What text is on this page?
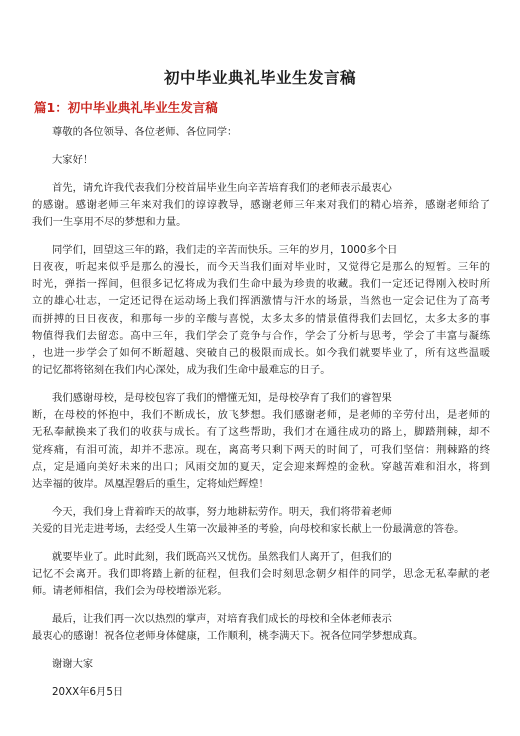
初中毕业典礼毕业生发言稿
篇1：初中毕业典礼毕业生发言稿
尊敬的各位领导、各位老师、各位同学：
大家好！
首先，请允许我代表我们分校首届毕业生向辛苦培育我们的老师表示最衷心
的感谢。感谢老师三年来对我们的谆谆教导，感谢老师三年来对我们的精心培养，感谢老师给了
我们一生享用不尽的梦想和力量。
同学们，回望这三年的路，我们走的辛苦而快乐。三年的岁月，1000多个日
日夜夜，听起来似乎是那么的漫长，而今天当我们面对毕业时，又觉得它是那么的短暂。三年的
时光，弹指一挥间，但很多记忆将成为我们生命中最为珍贵的收藏。我们一定还记得刚入校时所
立的雄心壮志，一定还记得在运动场上我们挥洒激情与汗水的场景，当然也一定会记住为了高考
而拼搏的日日夜夜，和那每一步的辛酸与喜悦，太多太多的情景值得我们去回忆，太多太多的事
物值得我们去留恋。高中三年，我们学会了竞争与合作，学会了分析与思考，学会了丰富与凝练
，也进一步学会了如何不断超越、突破自己的极限而成长。如今我们就要毕业了，所有这些温暖
的记忆都将铭刻在我们内心深处，成为我们生命中最难忘的日子。
我们感谢母校，是母校包容了我们的懵懂无知，是母校孕育了我们的睿智果
断，在母校的怀抱中，我们不断成长，放飞梦想。我们感谢老师，是老师的辛劳付出，是老师的
无私奉献换来了我们的收获与成长。有了这些帮助，我们才在通往成功的路上，脚踏荆棘，却不
觉疼痛，有泪可流，却并不悲凉。现在，离高考只剩下两天的时间了，可我们坚信：荆棘路的终
点，定是通向美好未来的出口；风雨交加的夏天，定会迎来辉煌的金秋。穿越苦难和泪水，将到
达幸福的彼岸。凤凰涅磐后的重生，定将灿烂辉煌！
今天，我们身上背着昨天的故事，努力地耕耘劳作。明天，我们将带着老师
关爱的目光走进考场，去经受人生第一次最神圣的考验，向母校和家长献上一份最满意的答卷。
就要毕业了。此时此刻，我们既高兴又忧伤。虽然我们人离开了，但我们的
记忆不会离开。我们即将踏上新的征程，但我们会时刻思念朝夕相伴的同学，思念无私奉献的老
师。请老师相信，我们会为母校增添光彩。
最后，让我们再一次以热烈的掌声，对培育我们成长的母校和全体老师表示
最衷心的感谢！祝各位老师身体健康，工作顺利，桃李满天下。祝各位同学梦想成真。
谢谢大家
20XX年6月5日
